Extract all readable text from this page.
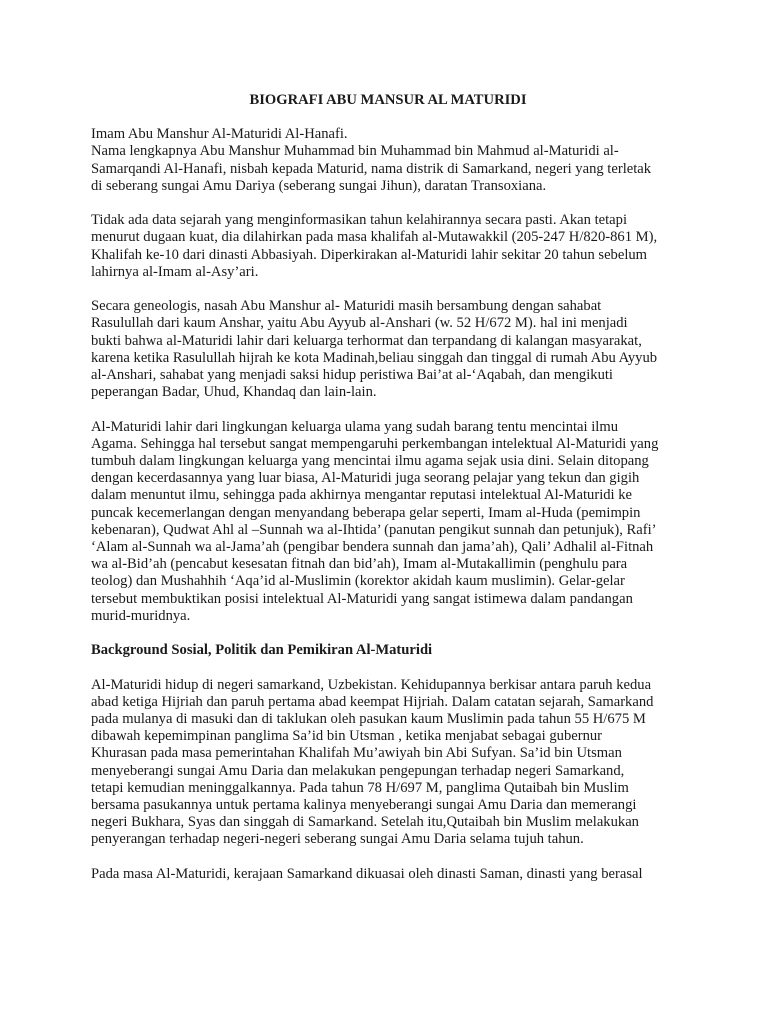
BIOGRAFI ABU MANSUR AL MATURIDI
Imam Abu Manshur Al-Maturidi Al-Hanafi.
Nama lengkapnya Abu Manshur Muhammad bin Muhammad bin Mahmud al-Maturidi al-
Samarqandi Al-Hanafi, nisbah kepada Maturid, nama distrik di Samarkand, negeri yang terletak
di seberang sungai Amu Dariya (seberang sungai Jihun), daratan Transoxiana.
Tidak ada data sejarah yang menginformasikan tahun kelahirannya secara pasti. Akan tetapi
menurut dugaan kuat, dia dilahirkan pada masa khalifah al-Mutawakkil (205-247 H/820-861 M),
Khalifah ke-10 dari dinasti Abbasiyah. Diperkirakan al-Maturidi lahir sekitar 20 tahun sebelum
lahirnya al-Imam al-Asy’ari.
Secara geneologis, nasah Abu Manshur al- Maturidi masih bersambung dengan sahabat
Rasulullah dari kaum Anshar, yaitu Abu Ayyub al-Anshari (w. 52 H/672 M). hal ini menjadi
bukti bahwa al-Maturidi lahir dari keluarga terhormat dan terpandang di kalangan masyarakat,
karena ketika Rasulullah hijrah ke kota Madinah,beliau singgah dan tinggal di rumah Abu Ayyub
al-Anshari, sahabat yang menjadi saksi hidup peristiwa Bai’at al-‘Aqabah, dan mengikuti
peperangan Badar, Uhud, Khandaq dan lain-lain.
Al-Maturidi lahir dari lingkungan keluarga ulama yang sudah barang tentu mencintai ilmu
Agama. Sehingga hal tersebut sangat mempengaruhi perkembangan intelektual Al-Maturidi yang
tumbuh dalam lingkungan keluarga yang mencintai ilmu agama sejak usia dini. Selain ditopang
dengan kecerdasannya yang luar biasa, Al-Maturidi juga seorang pelajar yang tekun dan gigih
dalam menuntut ilmu, sehingga pada akhirnya mengantar reputasi intelektual Al-Maturidi ke
puncak kecemerlangan dengan menyandang beberapa gelar seperti, Imam al-Huda (pemimpin
kebenaran), Qudwat Ahl al –Sunnah wa al-Ihtida’ (panutan pengikut sunnah dan petunjuk), Rafi’
‘Alam al-Sunnah wa al-Jama’ah (pengibar bendera sunnah dan jama’ah), Qali’ Adhalil al-Fitnah
wa al-Bid’ah (pencabut kesesatan fitnah dan bid’ah), Imam al-Mutakallimin (penghulu para
teolog) dan Mushahhih ‘Aqa’id al-Muslimin (korektor akidah kaum muslimin). Gelar-gelar
tersebut membuktikan posisi intelektual Al-Maturidi yang sangat istimewa dalam pandangan
murid-muridnya.
Background Sosial, Politik dan Pemikiran Al-Maturidi
Al-Maturidi hidup di negeri samarkand, Uzbekistan. Kehidupannya berkisar antara paruh kedua
abad ketiga Hijriah dan paruh pertama abad keempat Hijriah. Dalam catatan sejarah, Samarkand
pada mulanya di masuki dan di taklukan oleh pasukan kaum Muslimin pada tahun 55 H/675 M
dibawah kepemimpinan panglima Sa’id bin Utsman , ketika menjabat sebagai gubernur
Khurasan pada masa pemerintahan Khalifah Mu’awiyah bin Abi Sufyan. Sa’id bin Utsman
menyeberangi sungai Amu Daria dan melakukan pengepungan terhadap negeri Samarkand,
tetapi kemudian meninggalkannya. Pada tahun 78 H/697 M, panglima Qutaibah bin Muslim
bersama pasukannya untuk pertama kalinya menyeberangi sungai Amu Daria dan memerangi
negeri Bukhara, Syas dan singgah di Samarkand. Setelah itu,Qutaibah bin Muslim melakukan
penyerangan terhadap negeri-negeri seberang sungai Amu Daria selama tujuh tahun.
Pada masa Al-Maturidi, kerajaan Samarkand dikuasai oleh dinasti Saman, dinasti yang berasal
